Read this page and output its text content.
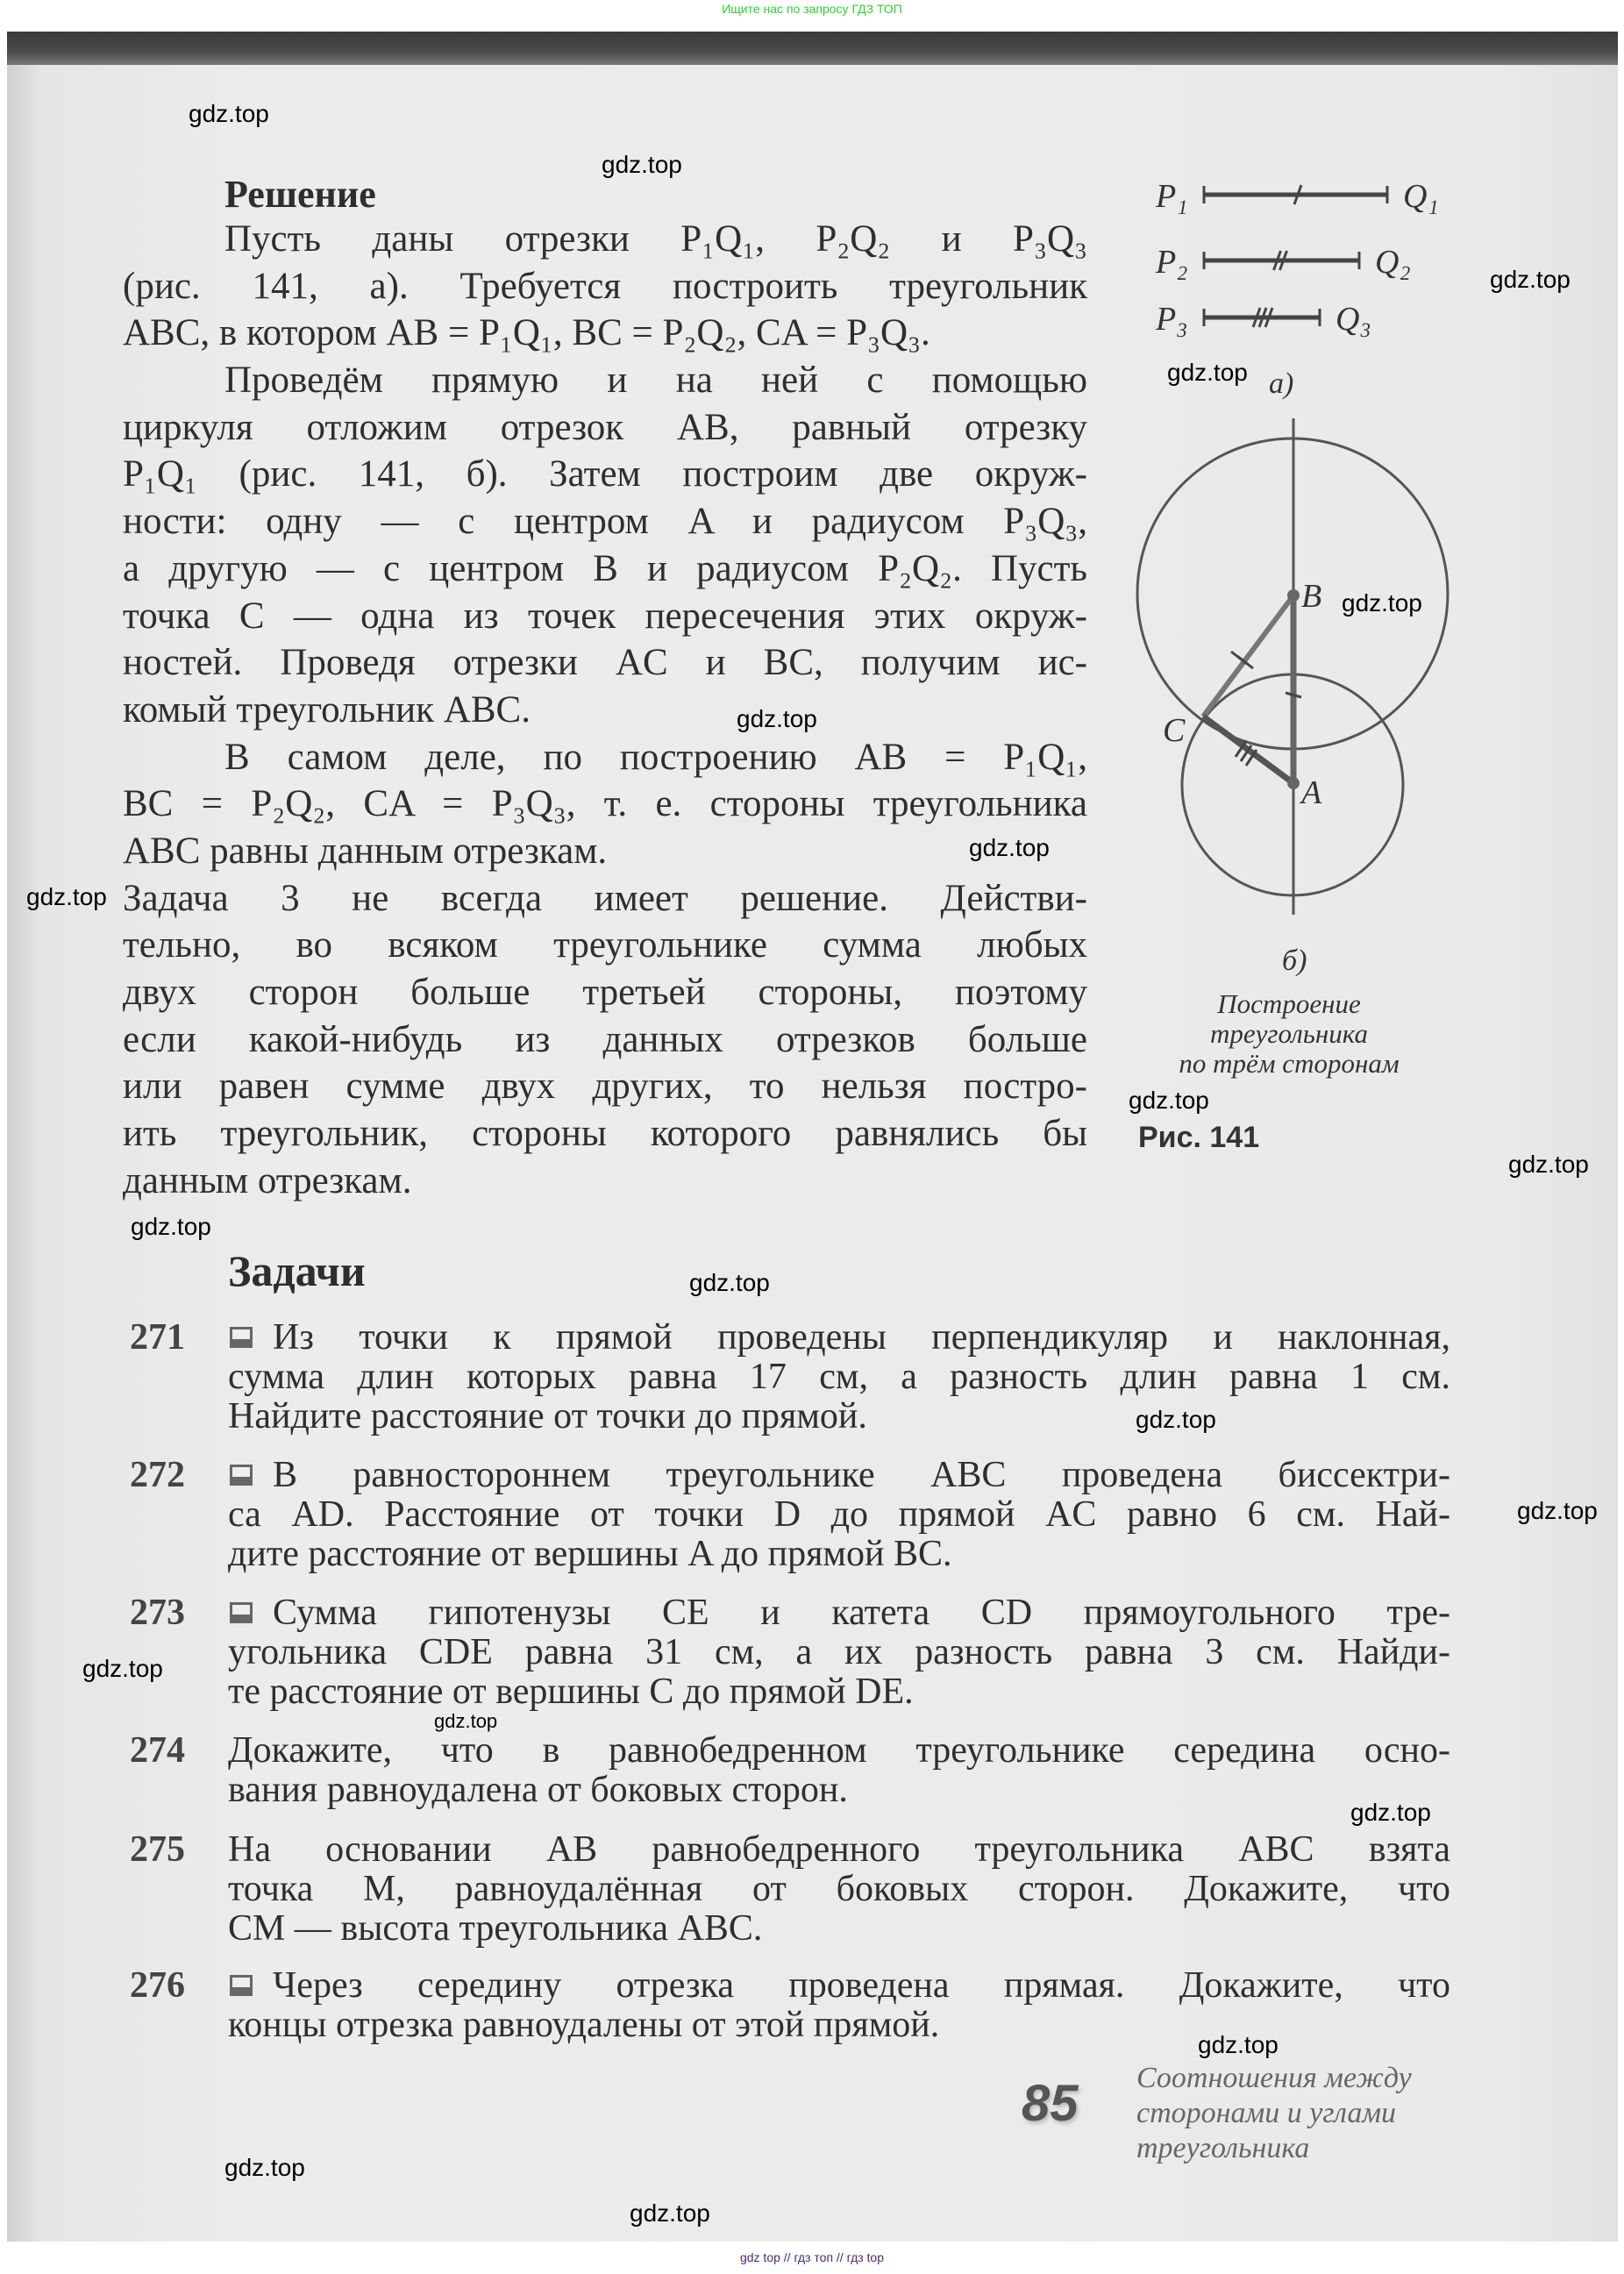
Ищите нас по запросу ГДЗ ТОП
Решение
Пусть даны отрезки P₁Q₁, P₂Q₂ и P₃Q₃
(рис. 141, а). Требуется построить треугольник
ABC, в котором AB = P₁Q₁, BC = P₂Q₂, CA = P₃Q₃.
Проведём прямую и на ней с помощью
циркуля отложим отрезок AB, равный отрезку
P₁Q₁ (рис. 141, б). Затем построим две окруж-
ности: одну — с центром A и радиусом P₃Q₃,
а другую — с центром B и радиусом P₂Q₂. Пусть
точка C — одна из точек пересечения этих окруж-
ностей. Проведя отрезки AC и BC, получим ис-
комый треугольник ABC.
В самом деле, по построению AB = P₁Q₁,
BC = P₂Q₂, CA = P₃Q₃, т. е. стороны треугольника
ABC равны данным отрезкам.
Задача 3 не всегда имеет решение. Действи-
тельно, во всяком треугольнике сумма любых
двух сторон больше третьей стороны, поэтому
если какой-нибудь из данных отрезков больше
или равен сумме двух других, то нельзя постро-
ить треугольник, стороны которого равнялись бы
данным отрезкам.
Задачи
271 Из точки к прямой проведены перпендикуляр и наклонная,
сумма длин которых равна 17 см, а разность длин равна 1 см.
Найдите расстояние от точки до прямой.
272 В равностороннем треугольнике ABC проведена биссектри-
са AD. Расстояние от точки D до прямой AC равно 6 см. Най-
дите расстояние от вершины A до прямой BC.
273 Сумма гипотенузы CE и катета CD прямоугольного тре-
угольника CDE равна 31 см, а их разность равна 3 см. Найди-
те расстояние от вершины C до прямой DE.
274 Докажите, что в равнобедренном треугольнике середина осно-
вания равноудалена от боковых сторон.
275 На основании AB равнобедренного треугольника ABC взята
точка M, равноудалённая от боковых сторон. Докажите, что
CM — высота треугольника ABC.
276 Через середину отрезка проведена прямая. Докажите, что
концы отрезка равноудалены от этой прямой.
P₁	Q₁
P₂	Q₂
P₃	Q₃
а)
B
A
C
б)
Построение
треугольника
по трём сторонам
Рис. 141
85 Соотношения между
сторонами и углами
треугольника
gdz.top
gdz.top
gdz.top
gdz.top
gdz.top
gdz.top
gdz.top
gdz.top
gdz.top
gdz.top
gdz.top
gdz.top
gdz.top
gdz.top
gdz.top
gdz.top
gdz.top
gdz.top
gdz.top
gdz.top
gdz top // гдз топ // гдз top
